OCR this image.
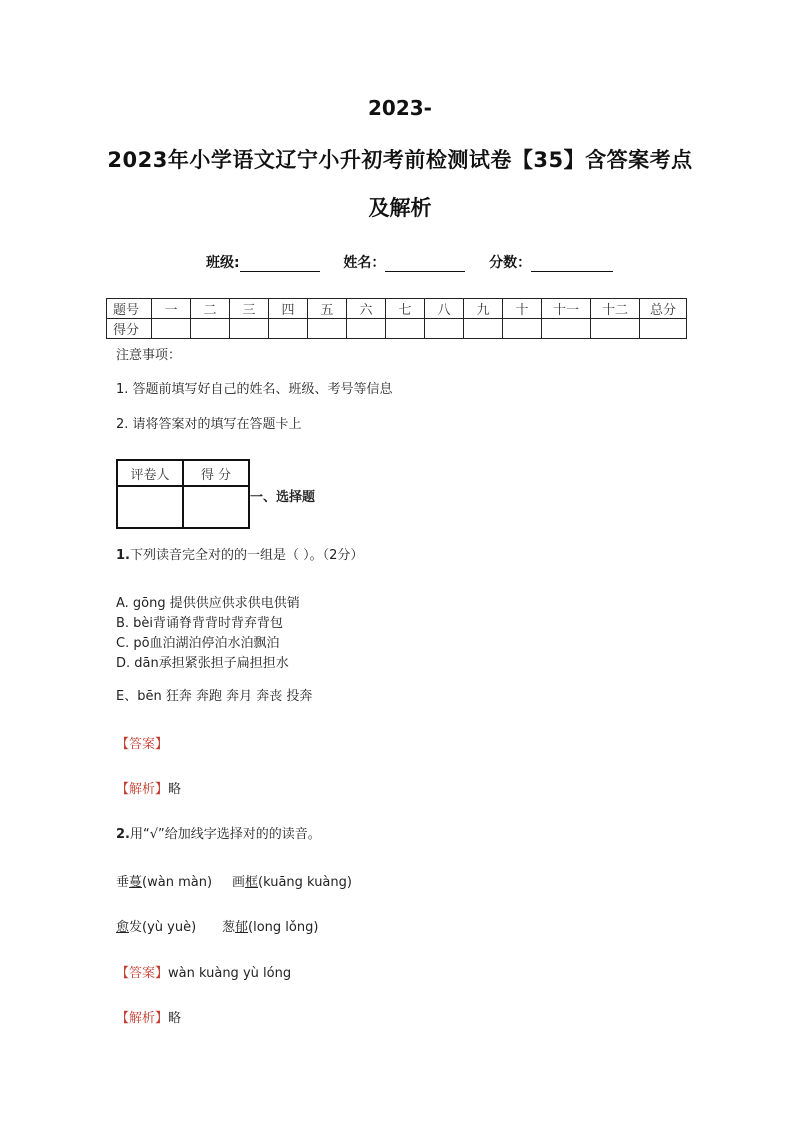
2023-
2023年小学语文辽宁小升初考前检测试卷【35】含答案考点
及解析
班级:	姓名：	分数：
题号	一	二	三	四	五	六	七	八	九	十	十一	十二	总分
得分													
注意事项：
1. 答题前填写好自己的姓名、班级、考号等信息
2. 请将答案对的填写在答题卡上
评卷人	得 分

一、选择题
1.下列读音完全对的的一组是（ ）。（2分）
A. gōng 提供供应供求供电供销
B. bèi背诵脊背背时背弃背包
C. pō血泊湖泊停泊水泊飘泊
D. dān承担紧张担子扁担担水
E、bēn 狂奔 奔跑 奔月 奔丧 投奔
【答案】
【解析】略
2.用“√”给加线字选择对的的读音。
垂蔓(wàn màn) 画框(kuāng kuàng)
愈发(yù yuè) 葱郁(long lǒng)
【答案】wàn kuàng yù lóng
【解析】略
